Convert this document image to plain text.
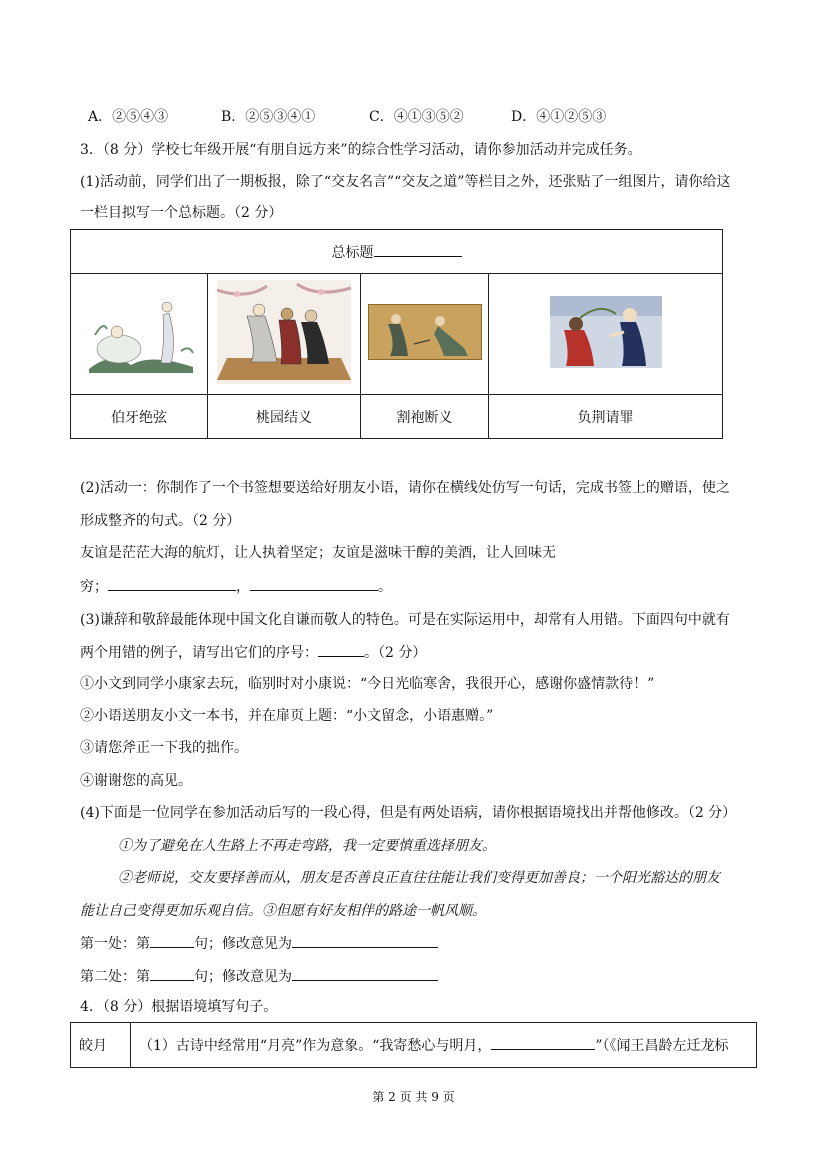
A．②⑤④③	B．②⑤③④①	C．④①③⑤②	D．④①②⑤③
3．（8 分）学校七年级开展“有朋自远方来”的综合性学习活动，请你参加活动并完成任务。
(1)活动前，同学们出了一期板报，除了“交友名言”“交友之道”等栏目之外，还张贴了一组图片，请你给这
一栏目拟写一个总标题。（2 分）
总标题			

伯牙绝弦	桃园结义	割袍断义	负荆请罪
(2)活动一：你制作了一个书签想要送给好朋友小语，请你在横线处仿写一句话，完成书签上的赠语，使之
形成整齐的句式。（2 分）
友谊是茫茫大海的航灯，让人执着坚定；友谊是滋味干醇的美酒，让人回味无
穷；	，	。
(3)谦辞和敬辞最能体现中国文化自谦而敬人的特色。可是在实际运用中，却常有人用错。下面四句中就有
两个用错的例子，请写出它们的序号：	。（2 分）
①小文到同学小康家去玩，临别时对小康说：“今日光临寒舍，我很开心，感谢你盛情款待！”
②小语送朋友小文一本书，并在扉页上题：“小文留念，小语惠赠。”
③请您斧正一下我的拙作。
④谢谢您的高见。
(4)下面是一位同学在参加活动后写的一段心得，但是有两处语病，请你根据语境找出并帮他修改。（2 分）
①为了避免在人生路上不再走弯路，我一定要慎重选择朋友。
②老师说，交友要择善而从，朋友是否善良正直往往能让我们变得更加善良；一个阳光豁达的朋友
能让自己变得更加乐观自信。③但愿有好友相伴的路途一帆风顺。
第一处：第	句；修改意见为
第二处：第	句；修改意见为
4．（8 分）根据语境填写句子。
皎月	（1）古诗中经常用“月亮”作为意象。“我寄愁心与明月，	”（《闻王昌龄左迁龙标
第 2 页 共 9 页
